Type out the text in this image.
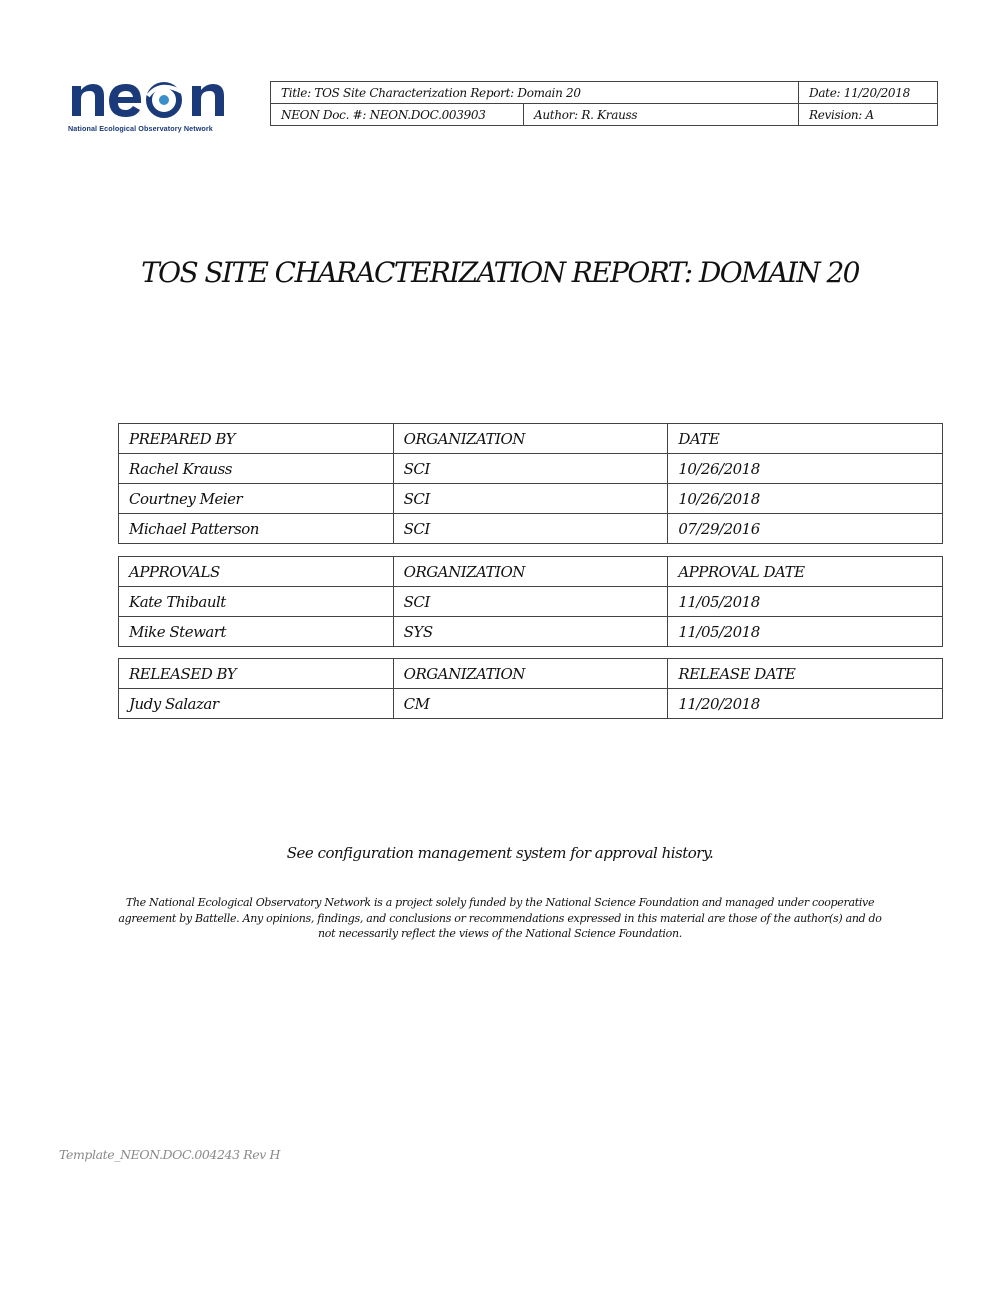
National Ecological Observatory Network
Title: TOS Site Characterization Report: Domain 20		Date: 11/20/2018
NEON Doc. #: NEON.DOC.003903	Author: R. Krauss	Revision: A
TOS SITE CHARACTERIZATION REPORT: DOMAIN 20
PREPARED BY	ORGANIZATION	DATE
Rachel Krauss	SCI	10/26/2018
Courtney Meier	SCI	10/26/2018
Michael Patterson	SCI	07/29/2016
APPROVALS	ORGANIZATION	APPROVAL DATE
Kate Thibault	SCI	11/05/2018
Mike Stewart	SYS	11/05/2018
RELEASED BY	ORGANIZATION	RELEASE DATE
Judy Salazar	CM	11/20/2018
See configuration management system for approval history.
The National Ecological Observatory Network is a project solely funded by the National Science Foundation and managed under cooperative agreement by Battelle. Any opinions, findings, and conclusions or recommendations expressed in this material are those of the author(s) and do not necessarily reflect the views of the National Science Foundation.
Template_NEON.DOC.004243 Rev H
